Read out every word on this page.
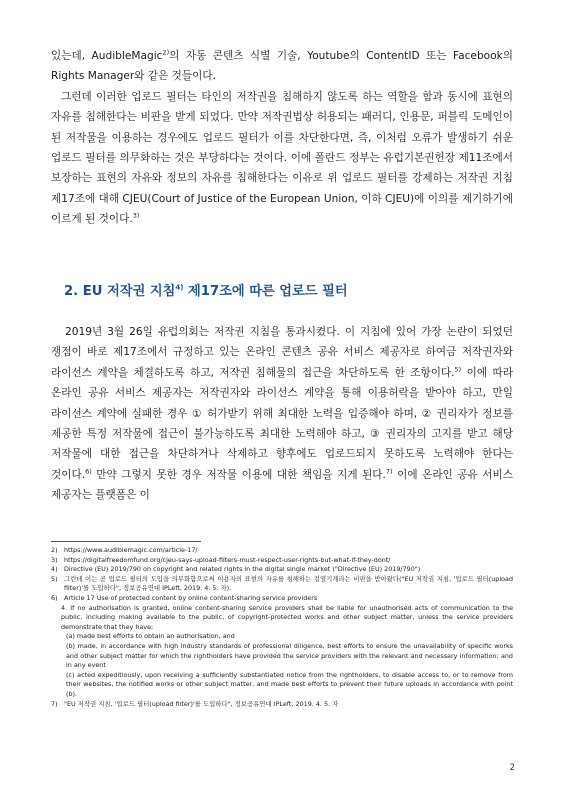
있는데, AudibleMagic$^{2)}$의 자동 콘텐츠 식별 기술, Youtube의 ContentID 또는 Facebook의 Rights Manager와 같은 것들이다.

그런데 이러한 업로드 필터는 타인의 저작권을 침해하지 않도록 하는 역할을 함과 동시에 표현의 자유를 침해한다는 비판을 받게 되었다. 만약 저작권법상 허용되는 패러디, 인용문, 퍼블릭 도메인이 된 저작물을 이용하는 경우에도 업로드 필터가 이를 차단한다면, 즉, 이처럼 오류가 발생하기 쉬운 업로드 필터를 의무화하는 것은 부당하다는 것이다. 이에 폴란드 정부는 유럽기본권헌장 제11조에서 보장하는 표현의 자유와 정보의 자유를 침해한다는 이유로 위 업로드 필터를 강제하는 저작권 지침 제17조에 대해 CJEU(Court of Justice of the European Union, 이하 CJEU)에 이의를 제기하기에 이르게 된 것이다.$^{3)}$

2. EU 저작권 지침$^{4)}$ 제17조에 따른 업로드 필터

2019년 3월 26일 유럽의회는 저작권 지침을 통과시켰다. 이 지침에 있어 가장 논란이 되었던 쟁점이 바로 제17조에서 규정하고 있는 온라인 콘텐츠 공유 서비스 제공자로 하여금 저작권자와 라이선스 계약을 체결하도록 하고, 저작권 침해물의 접근을 차단하도록 한 조항이다.$^{5)}$ 이에 따라 온라인 공유 서비스 제공자는 저작권자와 라이선스 계약을 통해 이용허락을 받아야 하고, 만일 라이선스 계약에 실패한 경우 ① 허가받기 위해 최대한 노력을 입증해야 하며, ② 권리자가 정보를 제공한 특정 저작물에 접근이 불가능하도록 최대한 노력해야 하고, ③ 권리자의 고지를 받고 해당 저작물에 대한 접근을 차단하거나 삭제하고 향후에도 업로드되지 못하도록 노력해야 한다는 것이다.$^{6)}$ 만약 그렇지 못한 경우 저작물 이용에 대한 책임을 지게 된다.$^{7)}$ 이에 온라인 공유 서비스 제공자는 플랫폼은 이

2) https://www.audiblemagic.com/article-17/

3) https://digitalfreedomfund.org/cjeu-says-upload-filters-must-respect-user-rights-but-what-if-they-dont/

4) Directive (EU) 2019/790 on copyright and related rights in the digital single market ("Directive (EU) 2019/790")

5) 그런데 이는 곧 업로드 필터의 도입을 의무화함으로써 이용자의 표현의 자유를 침해하는 검열기계라는 비판을 받아왔다("EU 저작권 지침, '업로드 필터(upload filter)'를 도입하다", 정보공유연대 IPLeft, 2019. 4. 5. 자).

6) Article 17 Use of protected content by online content-sharing service providers

4. If no authorisation is granted, online content-sharing service providers shall be liable for unauthorised acts of communication to the public, including making available to the public, of copyright-protected works and other subject matter, unless the service providers demonstrate that they have:

(a) made best efforts to obtain an authorisation, and

(b) made, in accordance with high industry standards of professional diligence, best efforts to ensure the unavailability of specific works and other subject matter for which the rightholders have provided the service providers with the relevant and necessary information; and in any event

(c) acted expeditiously, upon receiving a sufficiently substantiated notice from the rightholders, to disable access to, or to remove from their websites, the notified works or other subject matter, and made best efforts to prevent their future uploads in accordance with point (b).

7) "EU 저작권 지침, '업로드 필터(upload filter)'를 도입하다", 정보공유연대 IPLeft, 2019. 4. 5. 자

2
